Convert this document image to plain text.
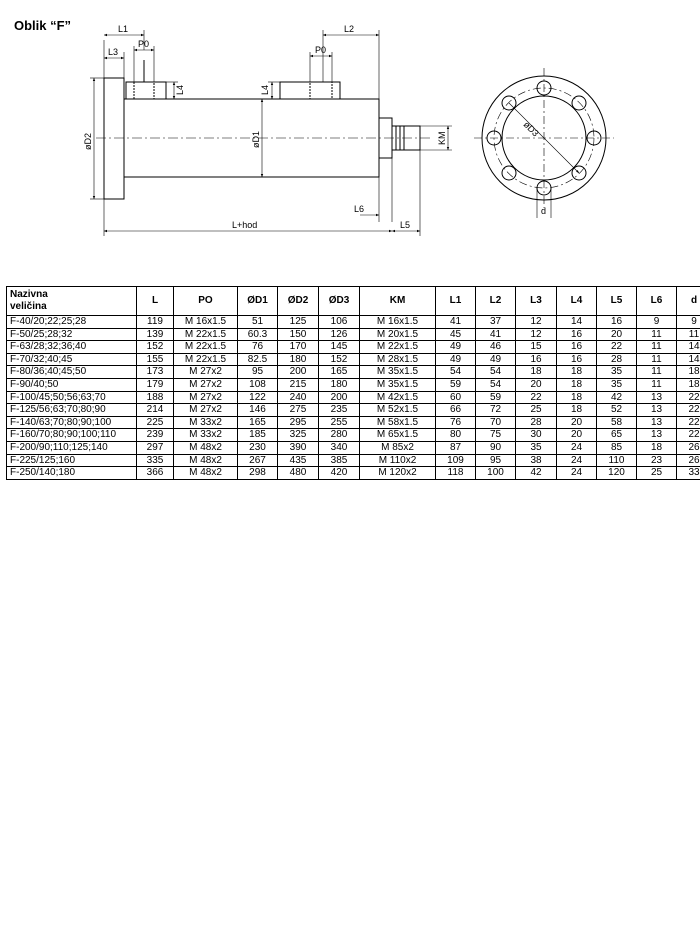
Oblik “F”	L1
L3
P0
L2
P0
L4	L4
øD2	øD1	KM
L6
L+hod	L5
øD3
d
Nazivna
veličina	L	PO	ØD1	ØD2	ØD3	KM	L1	L2	L3	L4	L5	L6	d
F-40/20;22;25;28	119	M 16x1.5	51	125	106	M 16x1.5	41	37	12	14	16	9	9
F-50/25;28;32	139	M 22x1.5	60.3	150	126	M 20x1.5	45	41	12	16	20	11	11
F-63/28;32;36;40	152	M 22x1.5	76	170	145	M 22x1.5	49	46	15	16	22	11	14
F-70/32;40;45	155	M 22x1.5	82.5	180	152	M 28x1.5	49	49	16	16	28	11	14
F-80/36;40;45;50	173	M 27x2	95	200	165	M 35x1.5	54	54	18	18	35	11	18
F-90/40;50	179	M 27x2	108	215	180	M 35x1.5	59	54	20	18	35	11	18
F-100/45;50;56;63;70	188	M 27x2	122	240	200	M 42x1.5	60	59	22	18	42	13	22
F-125/56;63;70;80;90	214	M 27x2	146	275	235	M 52x1.5	66	72	25	18	52	13	22
F-140/63;70;80;90;100	225	M 33x2	165	295	255	M 58x1.5	76	70	28	20	58	13	22
F-160/70;80;90;100;110	239	M 33x2	185	325	280	M 65x1.5	80	75	30	20	65	13	22
F-200/90;110;125;140	297	M 48x2	230	390	340	M 85x2	87	90	35	24	85	18	26
F-225/125;160	335	M 48x2	267	435	385	M 110x2	109	95	38	24	110	23	26
F-250/140;180	366	M 48x2	298	480	420	M 120x2	118	100	42	24	120	25	33
